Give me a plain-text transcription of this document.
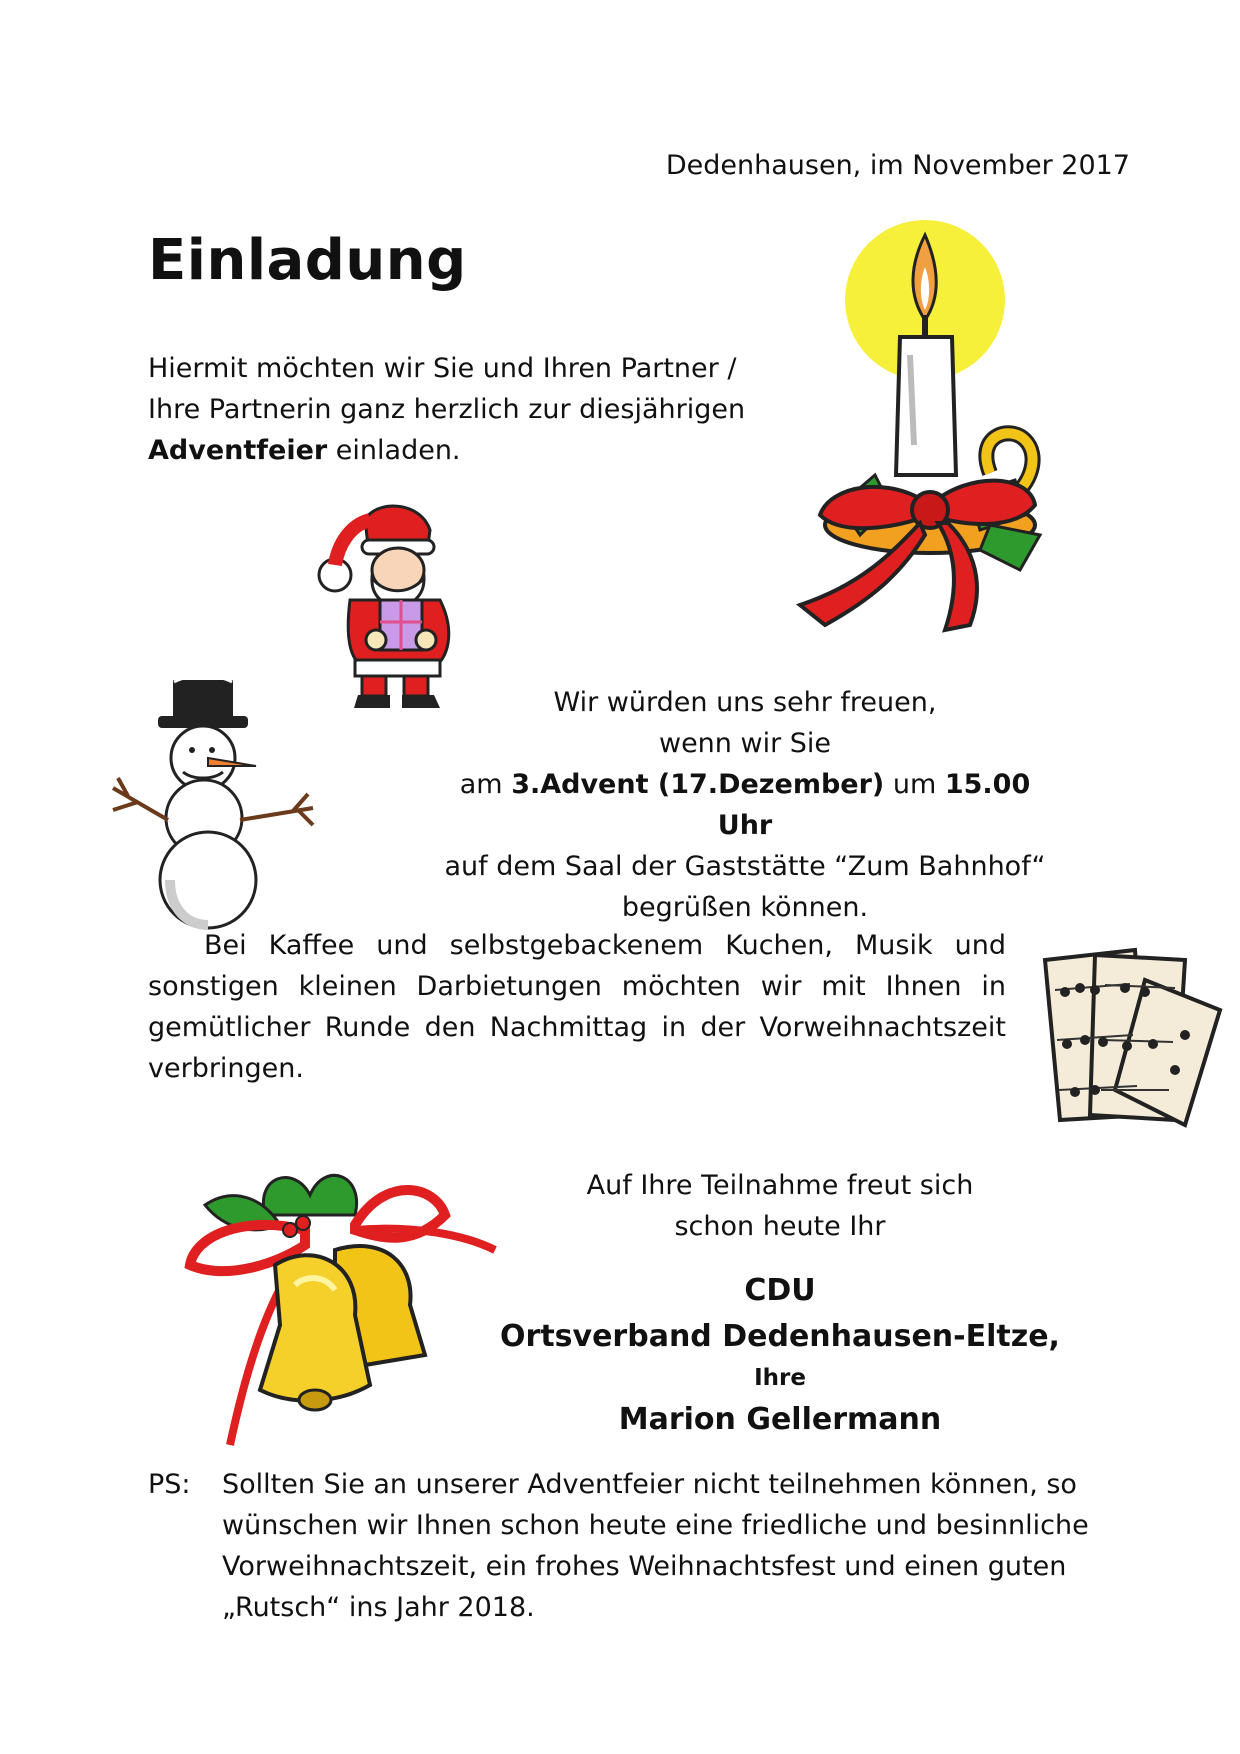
Dedenhausen, im November 2017
Einladung
Hiermit möchten wir Sie und Ihren Partner /
Ihre Partnerin ganz herzlich zur diesjährigen
Adventfeier einladen.
Wir würden uns sehr freuen,
wenn wir Sie
am 3.Advent (17.Dezember) um 15.00 Uhr
auf dem Saal der Gaststätte “Zum Bahnhof“
begrüßen können.
Bei Kaffee und selbstgebackenem Kuchen, Musik und sonstigen kleinen Darbietungen möchten wir mit Ihnen in gemütlicher Runde den Nachmittag in der Vorweihnachtszeit verbringen.
Auf Ihre Teilnahme freut sich
schon heute Ihr
CDU
Ortsverband Dedenhausen-Eltze,
Ihre
Marion Gellermann
PS: Sollten Sie an unserer Adventfeier nicht teilnehmen können, so
wünschen wir Ihnen schon heute eine friedliche und besinnliche
Vorweihnachtszeit, ein frohes Weihnachtsfest und einen guten
„Rutsch“ ins Jahr 2018.
